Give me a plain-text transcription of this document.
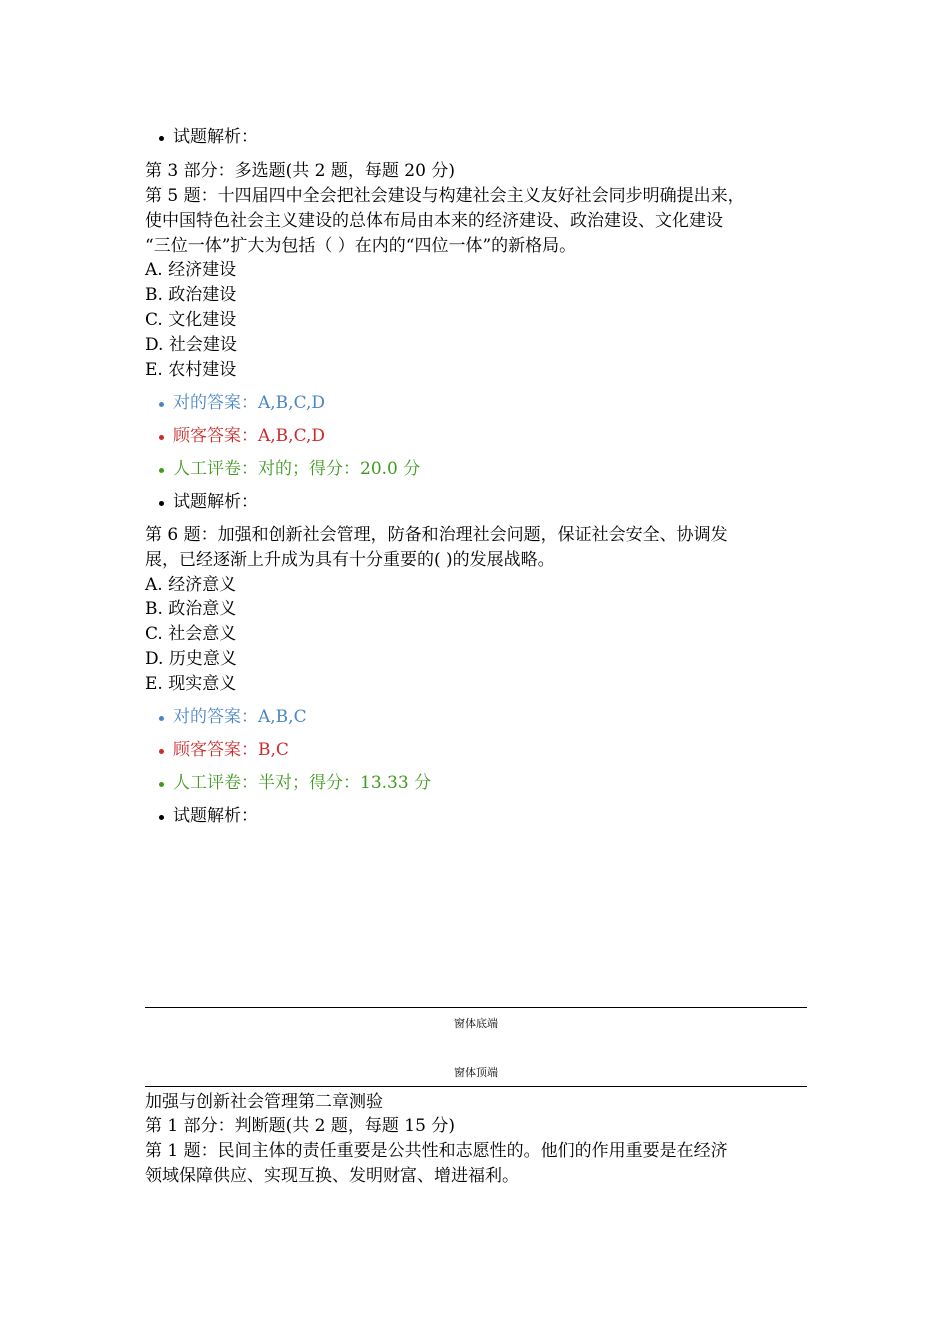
试题解析：
第 3 部分：多选题(共 2 题，每题 20 分)
第 5 题：十四届四中全会把社会建设与构建社会主义友好社会同步明确提出来，
使中国特色社会主义建设的总体布局由本来的经济建设、政治建设、文化建设
“三位一体”扩大为包括（ ）在内的“四位一体”的新格局。
A. 经济建设
B. 政治建设
C. 文化建设
D. 社会建设
E. 农村建设
对的答案：A,B,C,D
顾客答案：A,B,C,D
人工评卷：对的；得分：20.0 分
试题解析：
第 6 题：加强和创新社会管理，防备和治理社会问题，保证社会安全、协调发
展，已经逐渐上升成为具有十分重要的( )的发展战略。
A. 经济意义
B. 政治意义
C. 社会意义
D. 历史意义
E. 现实意义
对的答案：A,B,C
顾客答案：B,C
人工评卷：半对；得分：13.33 分
试题解析：
窗体底端
窗体顶端
加强与创新社会管理第二章测验
第 1 部分：判断题(共 2 题，每题 15 分)
第 1 题：民间主体的责任重要是公共性和志愿性的。他们的作用重要是在经济
领域保障供应、实现互换、发明财富、增进福利。
